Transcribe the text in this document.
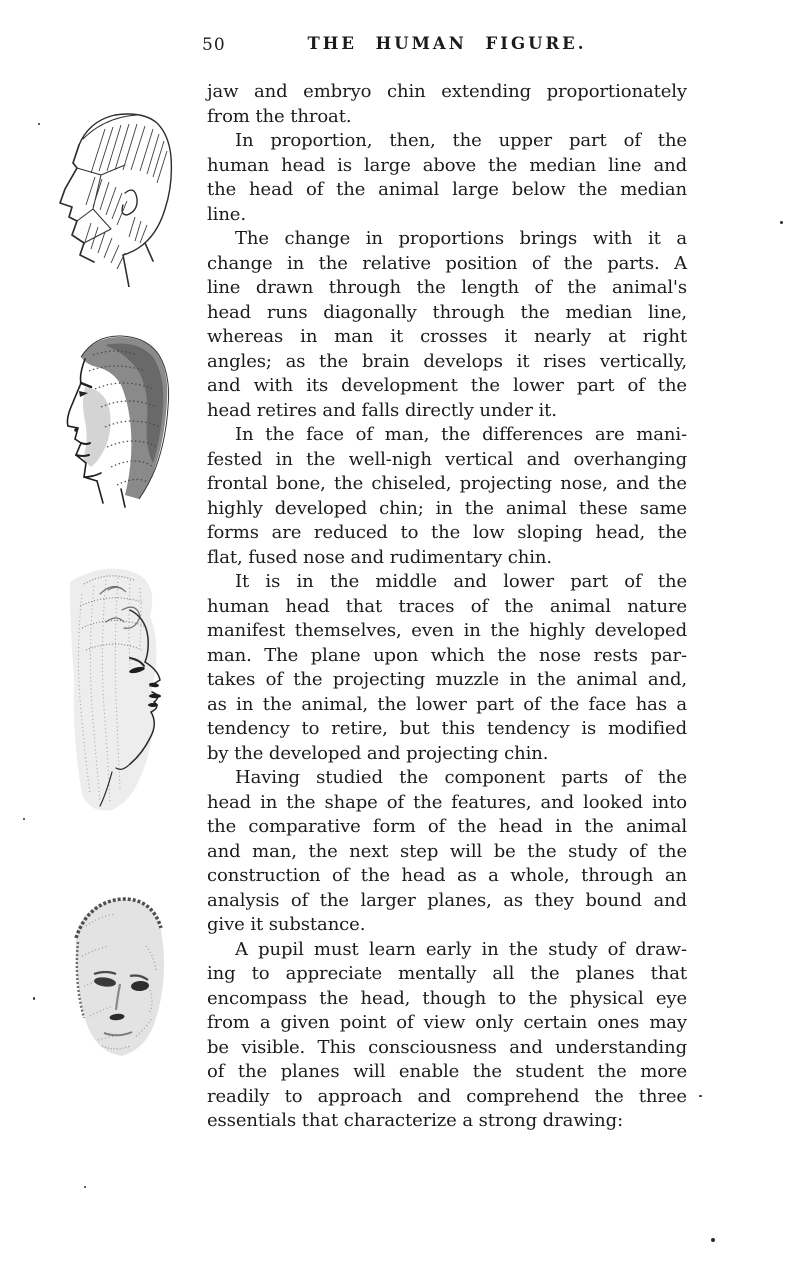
50	THE HUMAN FIGURE.
jaw and embryo chin extending proportionately
from the throat.
In proportion, then, the upper part of the
human head is large above the median line and
the head of the animal large below the median
line.
The change in proportions brings with it a
change in the relative position of the parts. A
line drawn through the length of the animal's
head runs diagonally through the median line,
whereas in man it crosses it nearly at right
angles; as the brain develops it rises vertically,
and with its development the lower part of the
head retires and falls directly under it.
In the face of man, the differences are mani-
fested in the well-nigh vertical and overhanging
frontal bone, the chiseled, projecting nose, and the
highly developed chin; in the animal these same
forms are reduced to the low sloping head, the
flat, fused nose and rudimentary chin.
It is in the middle and lower part of the
human head that traces of the animal nature
manifest themselves, even in the highly developed
man. The plane upon which the nose rests par-
takes of the projecting muzzle in the animal and,
as in the animal, the lower part of the face has a
tendency to retire, but this tendency is modified
by the developed and projecting chin.
Having studied the component parts of the
head in the shape of the features, and looked into
the comparative form of the head in the animal
and man, the next step will be the study of the
construction of the head as a whole, through an
analysis of the larger planes, as they bound and
give it substance.
A pupil must learn early in the study of draw-
ing to appreciate mentally all the planes that
encompass the head, though to the physical eye
from a given point of view only certain ones may
be visible. This consciousness and understanding
of the planes will enable the student the more
readily to approach and comprehend the three
essentials that characterize a strong drawing:
